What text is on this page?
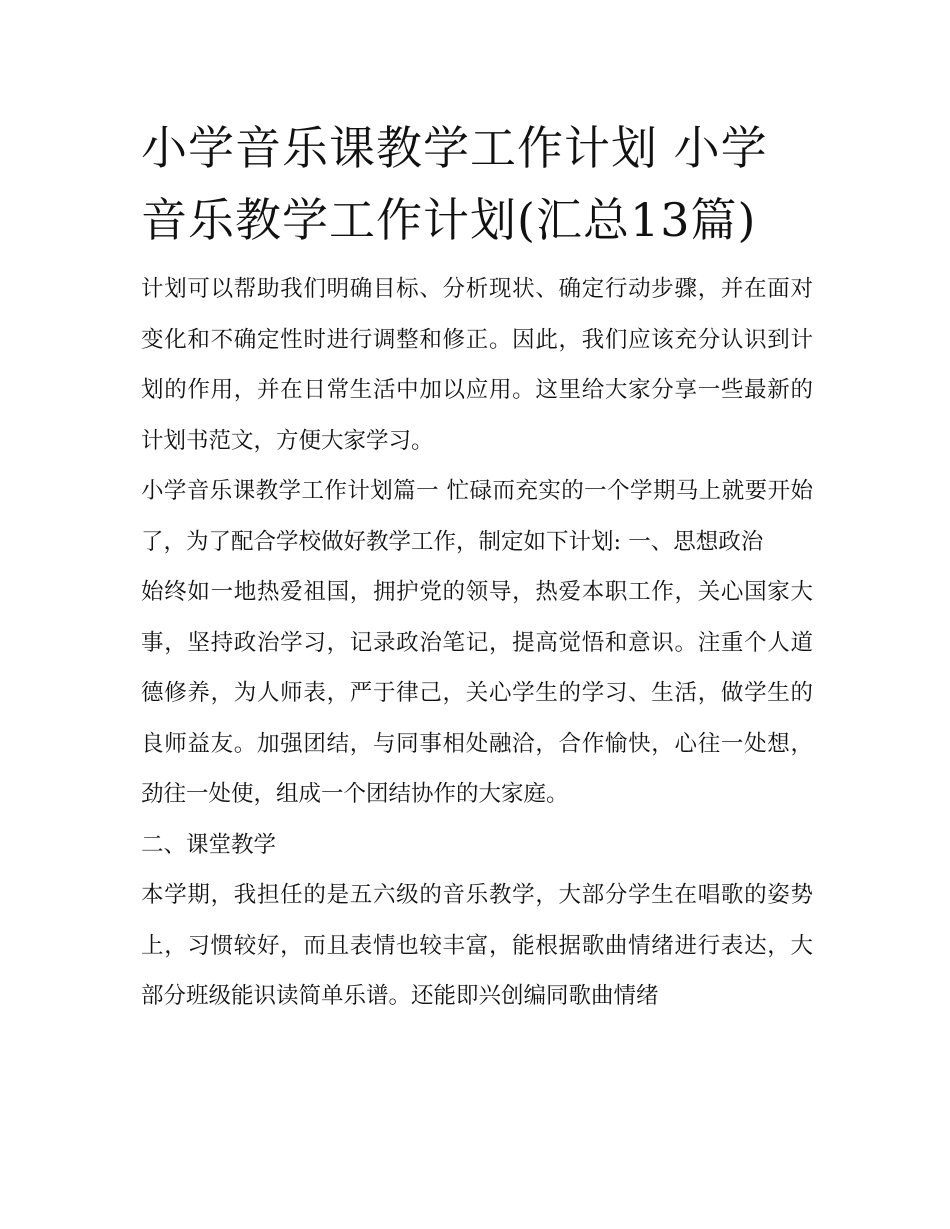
小学音乐课教学工作计划 小学音乐教学工作计划(汇总13篇)

计划可以帮助我们明确目标、分析现状、确定行动步骤，并在面对变化和不确定性时进行调整和修正。因此，我们应该充分认识到计划的作用，并在日常生活中加以应用。这里给大家分享一些最新的计划书范文，方便大家学习。

小学音乐课教学工作计划篇一 忙碌而充实的一个学期马上就要开始了，为了配合学校做好教学工作，制定如下计划: 一、思想政治

始终如一地热爱祖国，拥护党的领导，热爱本职工作，关心国家大事，坚持政治学习，记录政治笔记，提高觉悟和意识。注重个人道德修养，为人师表，严于律己，关心学生的学习、生活，做学生的良师益友。加强团结，与同事相处融洽，合作愉快，心往一处想，劲往一处使，组成一个团结协作的大家庭。

二、课堂教学

本学期，我担任的是五六级的音乐教学，大部分学生在唱歌的姿势上，习惯较好，而且表情也较丰富，能根据歌曲情绪进行表达，大部分班级能识读简单乐谱。还能即兴创编同歌曲情绪
